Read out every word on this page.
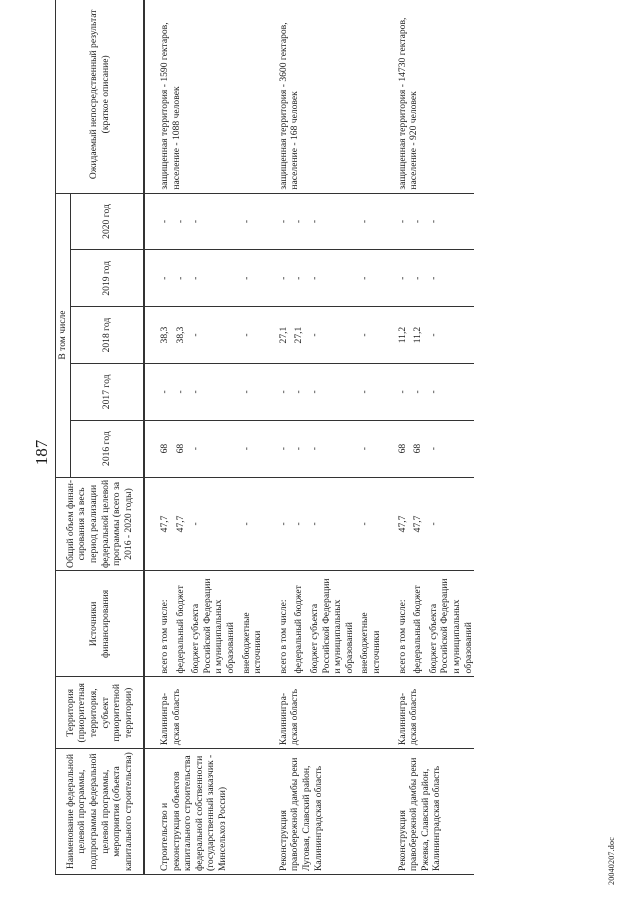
187
Наименование федеральной целевой программы, подпрограммы федеральной целевой программы, мероприятия (объекта капитального строительства)	Территория (приоритетная территория, субъект приоритетной территории)	Источники финансирования	Общий объем финан-сирования за весь период реализации федеральной целевой программы (всего за 2016 - 2020 годы)	В том числе					Ожидаемый непосредственный результат (краткое описание)
				2016 год	2017 год	2018 год	2019 год	2020 год	
Строительство и реконструкция объектов капитального строительства федеральной собственности (государственный заказчик - Минсельхоз России)	Калинингра-дская область	всего в том числе:	47,7	68	-	38,3	-	-	защищенная территория - 1590 гектаров, население - 1088 человек
		федеральный бюджет	47,7	68	-	38,3	-	-	
		бюджет субъекта Российской Федерации и муниципальных образований	-	-	-	-	-	-	
		внебюджетные источники	-	-	-	-	-	-	
Реконструкция правобережной дамбы реки Луговая, Славский район, Калининградская область	Калинингра-дская область	всего в том числе:	-	-	-	27,1	-	-	защищенная территория - 3600 гектаров, население - 168 человек
		федеральный бюджет	-	-	-	27,1	-	-	
		бюджет субъекта Российской Федерации и муниципальных образований	-	-	-	-	-	-	
		внебюджетные источники	-	-	-	-	-	-	
Реконструкция правобережной дамбы реки Ржевка, Славский район, Калининградская область	Калинингра-дская область	всего в том числе:	47,7	68	-	11,2	-	-	защищенная территория - 14730 гектаров, население - 920 человек
		федеральный бюджет	47,7	68	-	11,2	-	-	
		бюджет субъекта Российской Федерации и муниципальных образований	-	-	-	-	-	-	
20040207.doc
